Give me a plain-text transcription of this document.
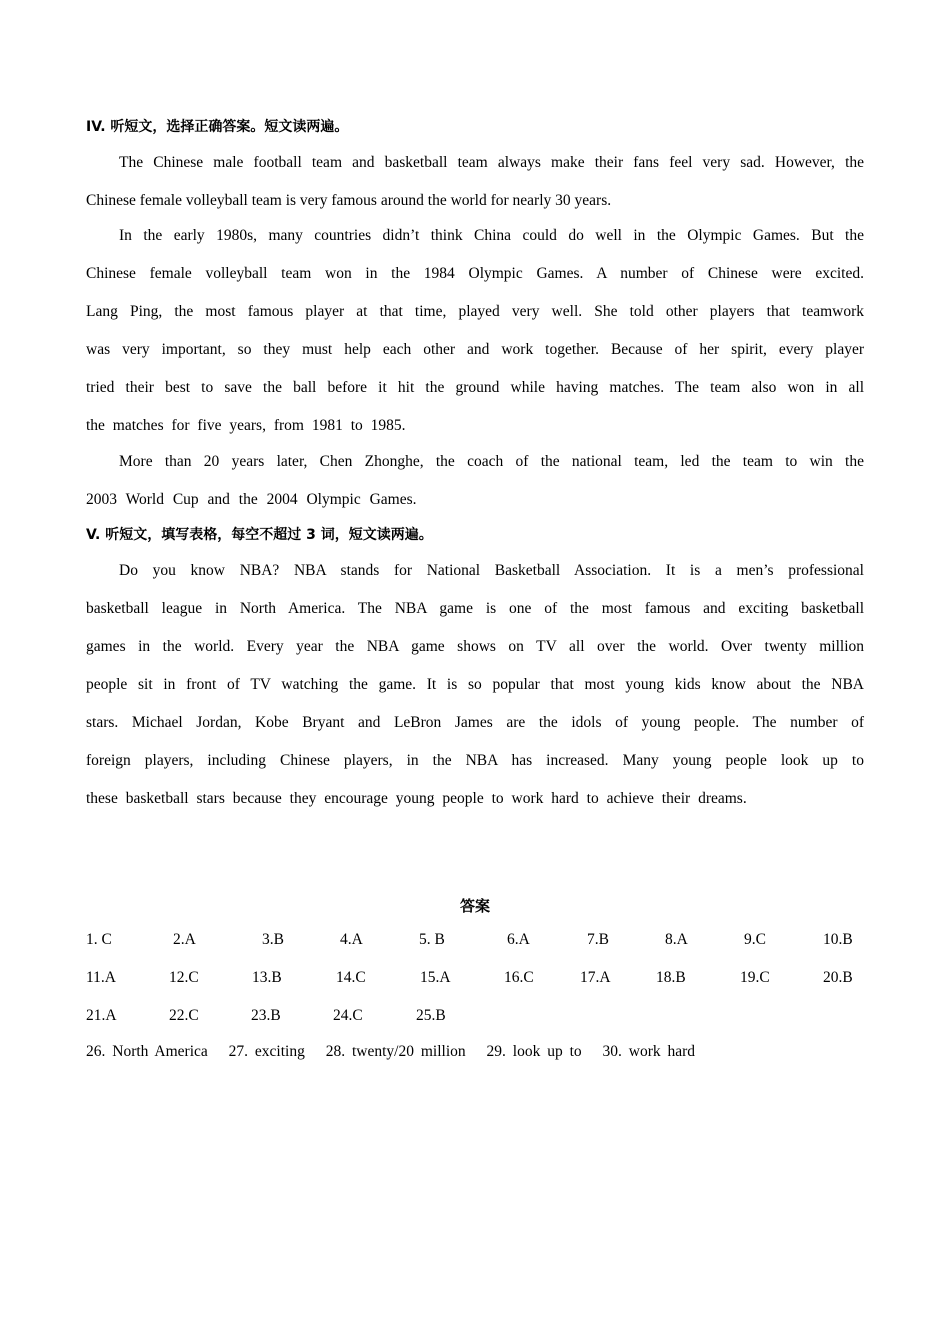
IV. 听短文，选择正确答案。短文读两遍。
The Chinese male football team and basketball team always make their fans feel very sad. However, the
Chinese female volleyball team is very famous around the world for nearly 30 years.
In the early 1980s, many countries didn’t think China could do well in the Olympic Games. But the
Chinese female volleyball team won in the 1984 Olympic Games. A number of Chinese were excited.
Lang Ping, the most famous player at that time, played very well. She told other players that teamwork
was very important, so they must help each other and work together. Because of her spirit, every player
tried their best to save the ball before it hit the ground while having matches. The team also won in all
the matches for five years, from 1981 to 1985.
More than 20 years later, Chen Zhonghe, the coach of the national team, led the team to win the
2003 World Cup and the 2004 Olympic Games.
V. 听短文，填写表格，每空不超过 3 词，短文读两遍。
Do you know NBA? NBA stands for National Basketball Association. It is a men’s professional
basketball league in North America. The NBA game is one of the most famous and exciting basketball
games in the world. Every year the NBA game shows on TV all over the world. Over twenty million
people sit in front of TV watching the game. It is so popular that most young kids know about the NBA
stars. Michael Jordan, Kobe Bryant and LeBron James are the idols of young people. The number of
foreign players, including Chinese players, in the NBA has increased. Many young people look up to
these basketball stars because they encourage young people to work hard to achieve their dreams.
答案
1. C	2.A	3.B	4.A	5. B	6.A	7.B	8.A	9.C	10.B
11.A	12.C	13.B	14.C	15.A	16.C	17.A	18.B	19.C	20.B
21.A	22.C	23.B	24.C	25.B
26. North America 27. exciting 28. twenty/20 million 29. look up to 30. work hard
